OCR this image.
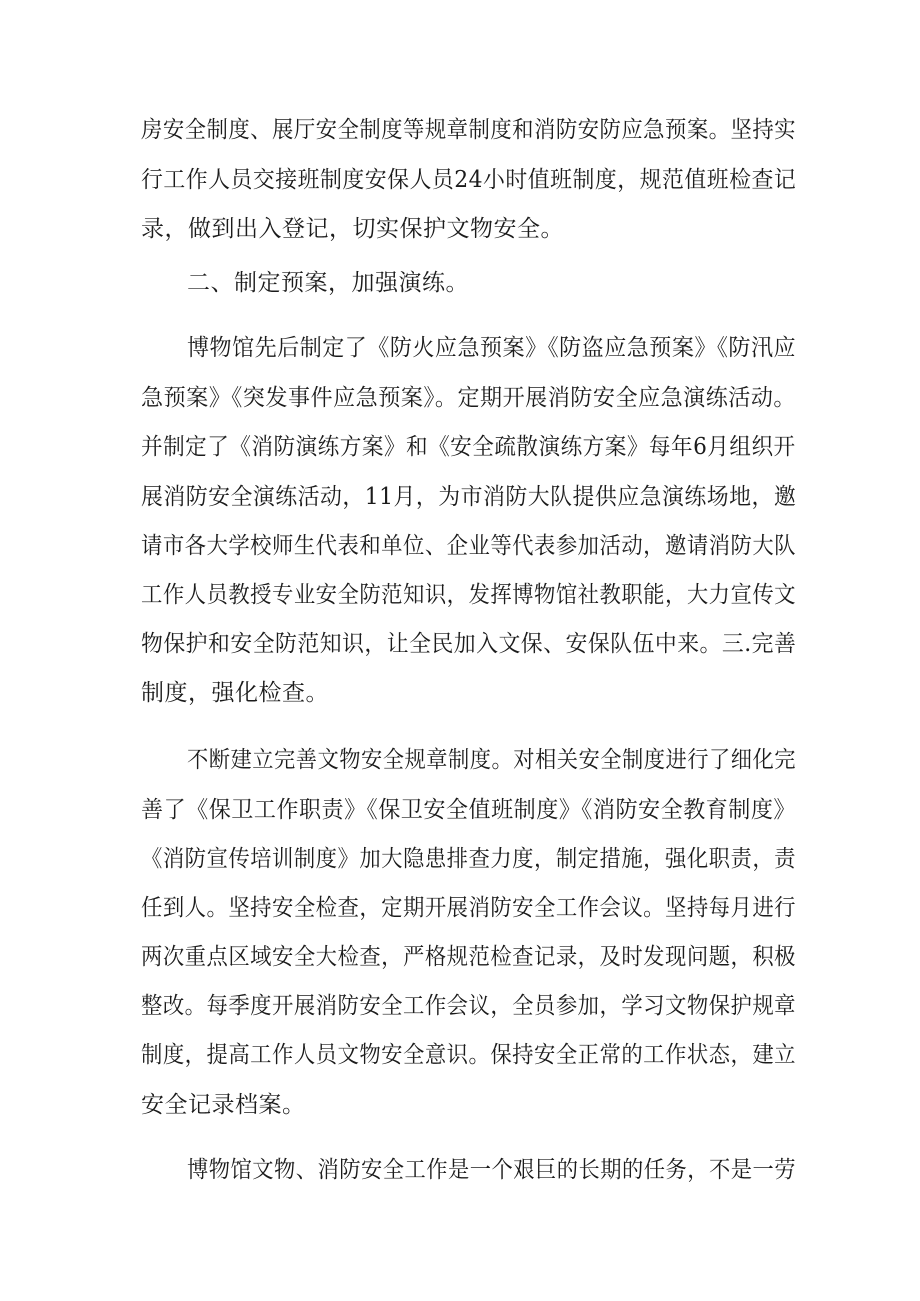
房安全制度、展厅安全制度等规章制度和消防安防应急预案。坚持实
行工作人员交接班制度安保人员24小时值班制度，规范值班检查记
录，做到出入登记，切实保护文物安全。
二、制定预案，加强演练。
博物馆先后制定了《防火应急预案》《防盗应急预案》《防汛应
急预案》《突发事件应急预案》。定期开展消防安全应急演练活动。
并制定了《消防演练方案》和《安全疏散演练方案》每年6月组织开
展消防安全演练活动，11月，为市消防大队提供应急演练场地，邀
请市各大学校师生代表和单位、企业等代表参加活动，邀请消防大队
工作人员教授专业安全防范知识，发挥博物馆社教职能，大力宣传文
物保护和安全防范知识，让全民加入文保、安保队伍中来。三.完善
制度，强化检查。
不断建立完善文物安全规章制度。对相关安全制度进行了细化完
善了《保卫工作职责》《保卫安全值班制度》《消防安全教育制度》
《消防宣传培训制度》加大隐患排查力度，制定措施，强化职责，责
任到人。坚持安全检查，定期开展消防安全工作会议。坚持每月进行
两次重点区域安全大检查，严格规范检查记录，及时发现问题，积极
整改。每季度开展消防安全工作会议，全员参加，学习文物保护规章
制度，提高工作人员文物安全意识。保持安全正常的工作状态，建立
安全记录档案。
博物馆文物、消防安全工作是一个艰巨的长期的任务，不是一劳
